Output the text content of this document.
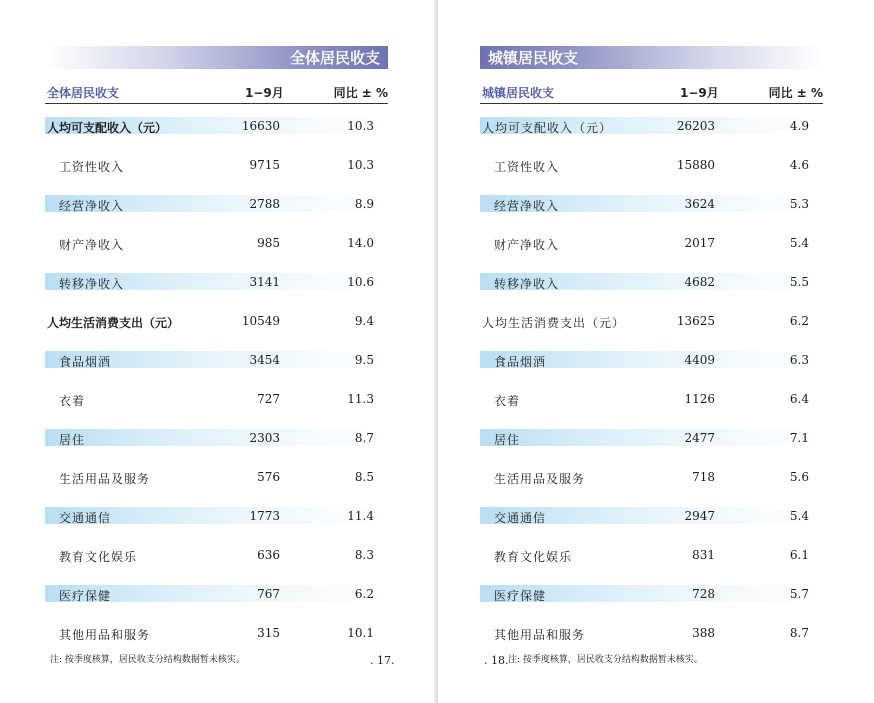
全体居民收支
全体居民收支	1−9月	同比 ± %
人均可支配收入（元）	16630	10.3
工资性收入	9715	10.3
经营净收入	2788	8.9
财产净收入	985	14.0
转移净收入	3141	10.6
人均生活消费支出（元）	10549	9.4
食品烟酒	3454	9.5
衣着	727	11.3
居住	2303	8.7
生活用品及服务	576	8.5
交通通信	1773	11.4
教育文化娱乐	636	8.3
医疗保健	767	6.2
其他用品和服务	315	10.1
注: 按季度核算，居民收支分结构数据暂未核实。	. 17.
城镇居民收支
城镇居民收支	1−9月	同比 ± %
人均可支配收入（元）	26203	4.9
工资性收入	15880	4.6
经营净收入	3624	5.3
财产净收入	2017	5.4
转移净收入	4682	5.5
人均生活消费支出（元）	13625	6.2
食品烟酒	4409	6.3
衣着	1126	6.4
居住	2477	7.1
生活用品及服务	718	5.6
交通通信	2947	5.4
教育文化娱乐	831	6.1
医疗保健	728	5.7
其他用品和服务	388	8.7
. 18. 注: 按季度核算，居民收支分结构数据暂未核实。
